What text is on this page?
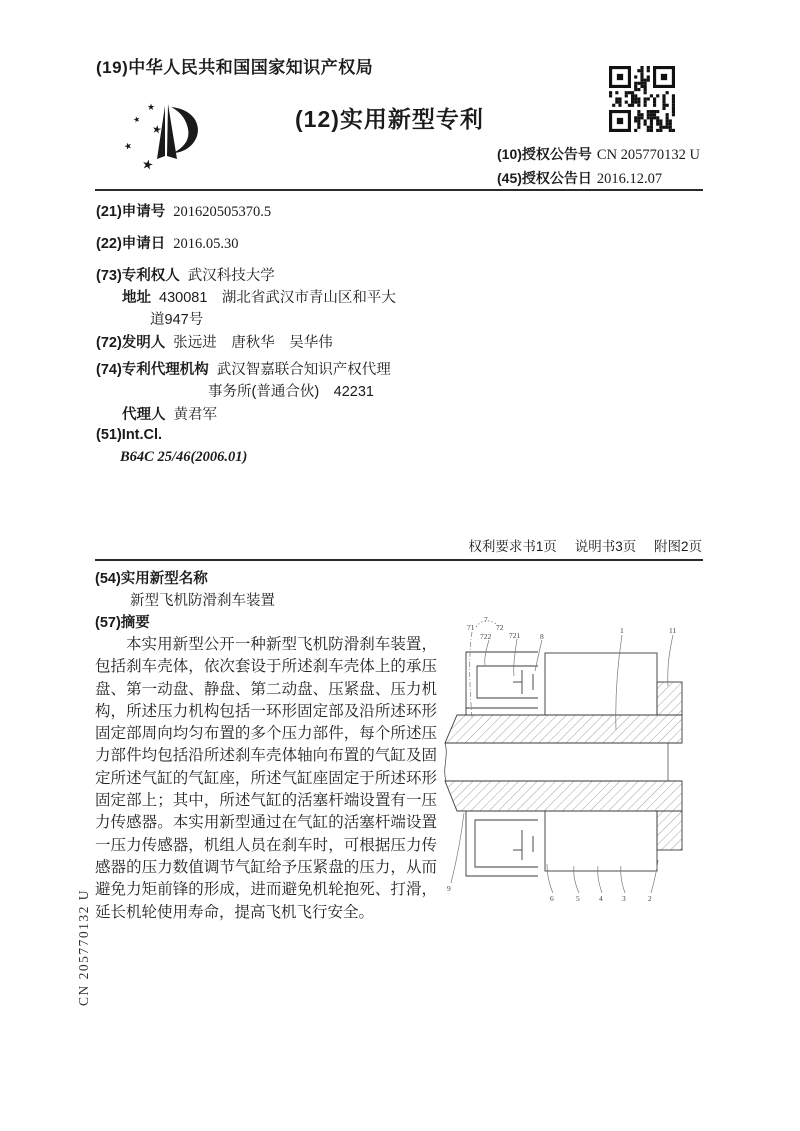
(19)中华人民共和国国家知识产权局
★
★
★
★
★
(12)实用新型专利
(10)授权公告号 CN 205770132 U
(45)授权公告日 2016.12.07
(21)申请号 201620505370.5
(22)申请日 2016.05.30
(73)专利权人 武汉科技大学
地址 430081　湖北省武汉市青山区和平大
道947号
(72)发明人 张远进　唐秋华　吴华伟
(74)专利代理机构 武汉智嘉联合知识产权代理
事务所(普通合伙)　42231
代理人 黄君军
(51)Int.Cl.
B64C 25/46(2006.01)
权利要求书1页 说明书3页 附图2页
(54)实用新型名称
新型飞机防滑刹车装置
(57)摘要
本实用新型公开一种新型飞机防滑刹车装置，包括刹车壳体，依次套设于所述刹车壳体上的承压盘、第一动盘、静盘、第二动盘、压紧盘、压力机构，所述压力机构包括一环形固定部及沿所述环形固定部周向均匀布置的多个压力部件，每个所述压力部件均包括沿所述刹车壳体轴向布置的气缸及固定所述气缸的气缸座，所述气缸座固定于所述环形固定部上；其中，所述气缸的活塞杆端设置有一压力传感器。本实用新型通过在气缸的活塞杆端设置一压力传感器，机组人员在刹车时，可根据压力传感器的压力数值调节气缸给予压紧盘的压力，从而避免力矩前锋的形成，进而避免机轮抱死、打滑，延长机轮使用寿命，提高飞机飞行安全。
7
71	72
722 721	8
1	11
9
6	5	4	3	2
CN 205770132 U
